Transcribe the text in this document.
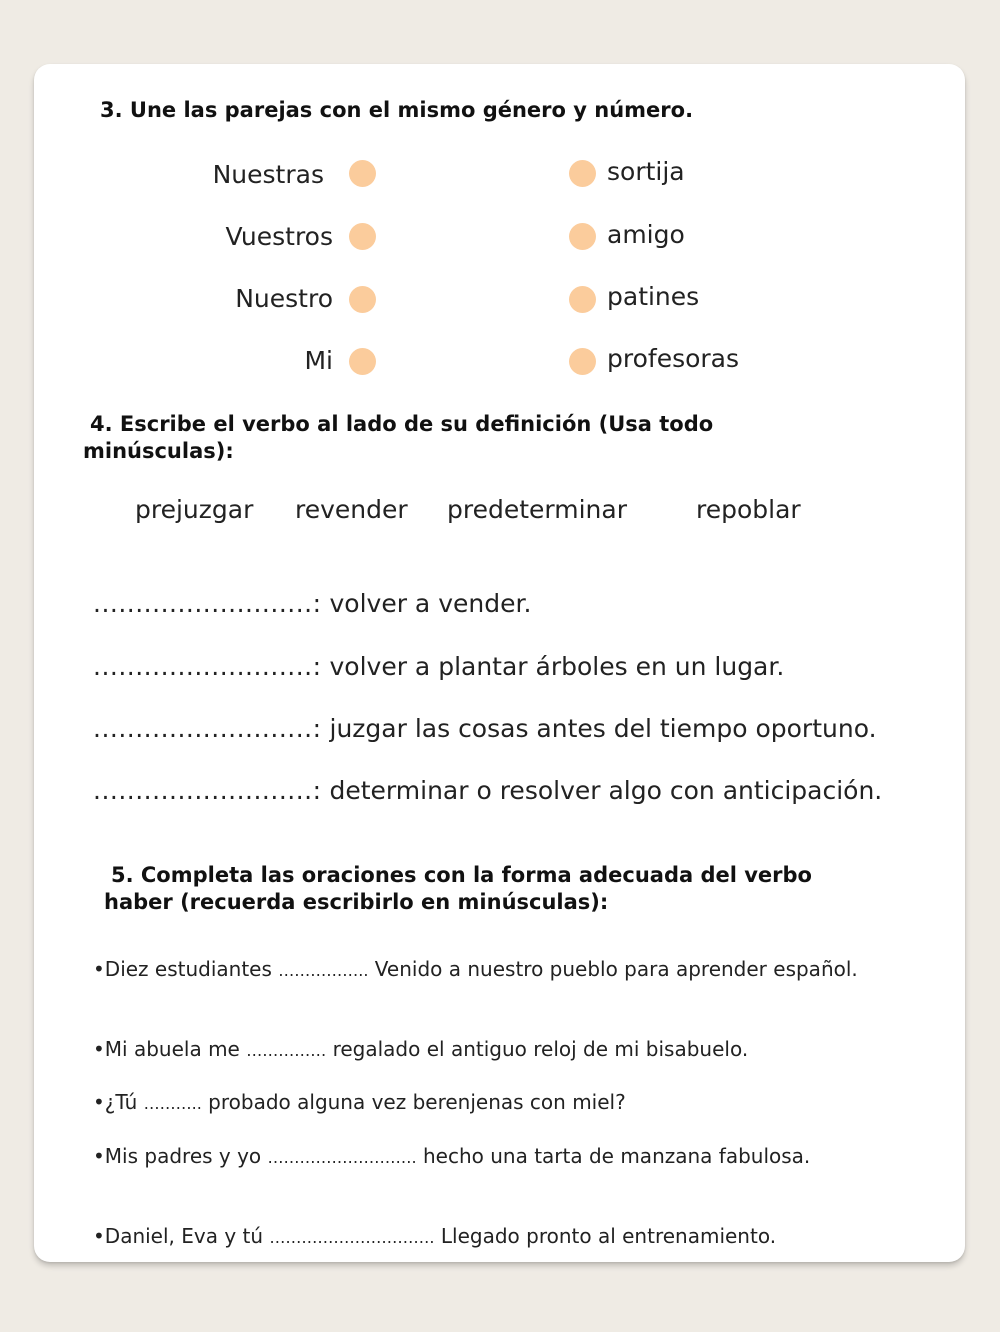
3. Une las parejas con el mismo género y número.
Nuestras	sortija
Vuestros	amigo
Nuestro	patines
Mi	profesoras
4. Escribe el verbo al lado de su definición (Usa todo
minúsculas):
prejuzgar revender predeterminar	repoblar
..........................: volver a vender.
..........................: volver a plantar árboles en un lugar.
..........................: juzgar las cosas antes del tiempo oportuno.
..........................: determinar o resolver algo con anticipación.
5. Completa las oraciones con la forma adecuada del verbo
haber (recuerda escribirlo en minúsculas):
•Diez estudiantes …………….. Venido a nuestro pueblo para aprender español.
•Mi abuela me …………… regalado el antiguo reloj de mi bisabuelo.
•¿Tú ……….. probado alguna vez berenjenas con miel?
•Mis padres y yo ………………………. hecho una tarta de manzana fabulosa.
•Daniel, Eva y tú …………………………. Llegado pronto al entrenamiento.
